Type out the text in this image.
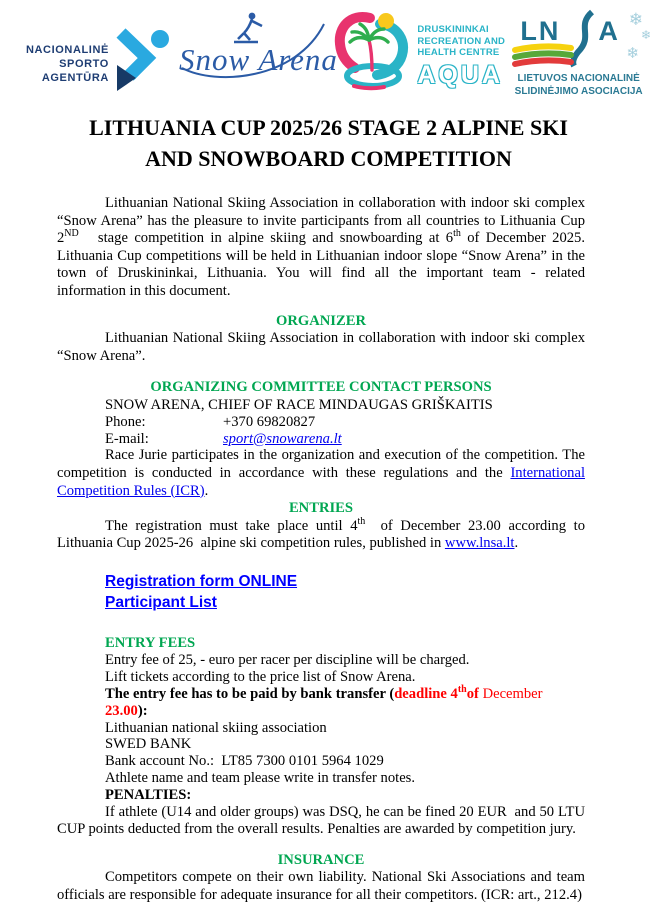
NACIONALINĖ
SPORTO
AGENTŪRA
Snow Arena
DRUSKININKAI
RECREATION AND
HEALTH CENTRE
AQUA
LN A ❄
❄
❄
LIETUVOS NACIONALINĖ
SLIDINĖJIMO ASOCIACIJA
LITHUANIA CUP 2025/26 STAGE 2 ALPINE SKI
AND SNOWBOARD COMPETITION

Lithuanian National Skiing Association in collaboration with indoor ski complex “Snow Arena” has the pleasure to invite participants from all countries to Lithuania Cup 2ND   stage competition in alpine skiing and snowboarding at 6th of December 2025. Lithuania Cup competitions will be held in Lithuanian indoor slope “Snow Arena” in the town of Druskininkai, Lithuania. You will find all the important team - related information in this document.

ORGANIZER

Lithuanian National Skiing Association in collaboration with indoor ski complex “Snow Arena”.

ORGANIZING COMMITTEE CONTACT PERSONS
SNOW ARENA, CHIEF OF RACE MINDAUGAS GRIŠKAITIS
Phone:	+370 69820827
E-mail:	sport@snowarena.lt

Race Jurie participates in the organization and execution of the competition. The competition is conducted in accordance with these regulations and the International Competition Rules (ICR).

ENTRIES

The registration must take place until 4th  of December 23.00 according to Lithuania Cup 2025-26  alpine ski competition rules, published in www.lnsa.lt.

Registration form ONLINE
Participant List
ENTRY FEES
Entry fee of 25, - euro per racer per discipline will be charged.
Lift tickets according to the price list of Snow Arena.
The entry fee has to be paid by bank transfer (deadline 4thof December 23.00):
Lithuanian national skiing association
SWED BANK
Bank account No.:  LT85 7300 0101 5964 1029
Athlete name and team please write in transfer notes.
PENALTIES:

If athlete (U14 and older groups) was DSQ, he can be fined 20 EUR  and 50 LTU CUP points deducted from the overall results. Penalties are awarded by competition jury.

INSURANCE

Competitors compete on their own liability. National Ski Associations and team officials are responsible for adequate insurance for all their competitors. (ICR: art., 212.4)
